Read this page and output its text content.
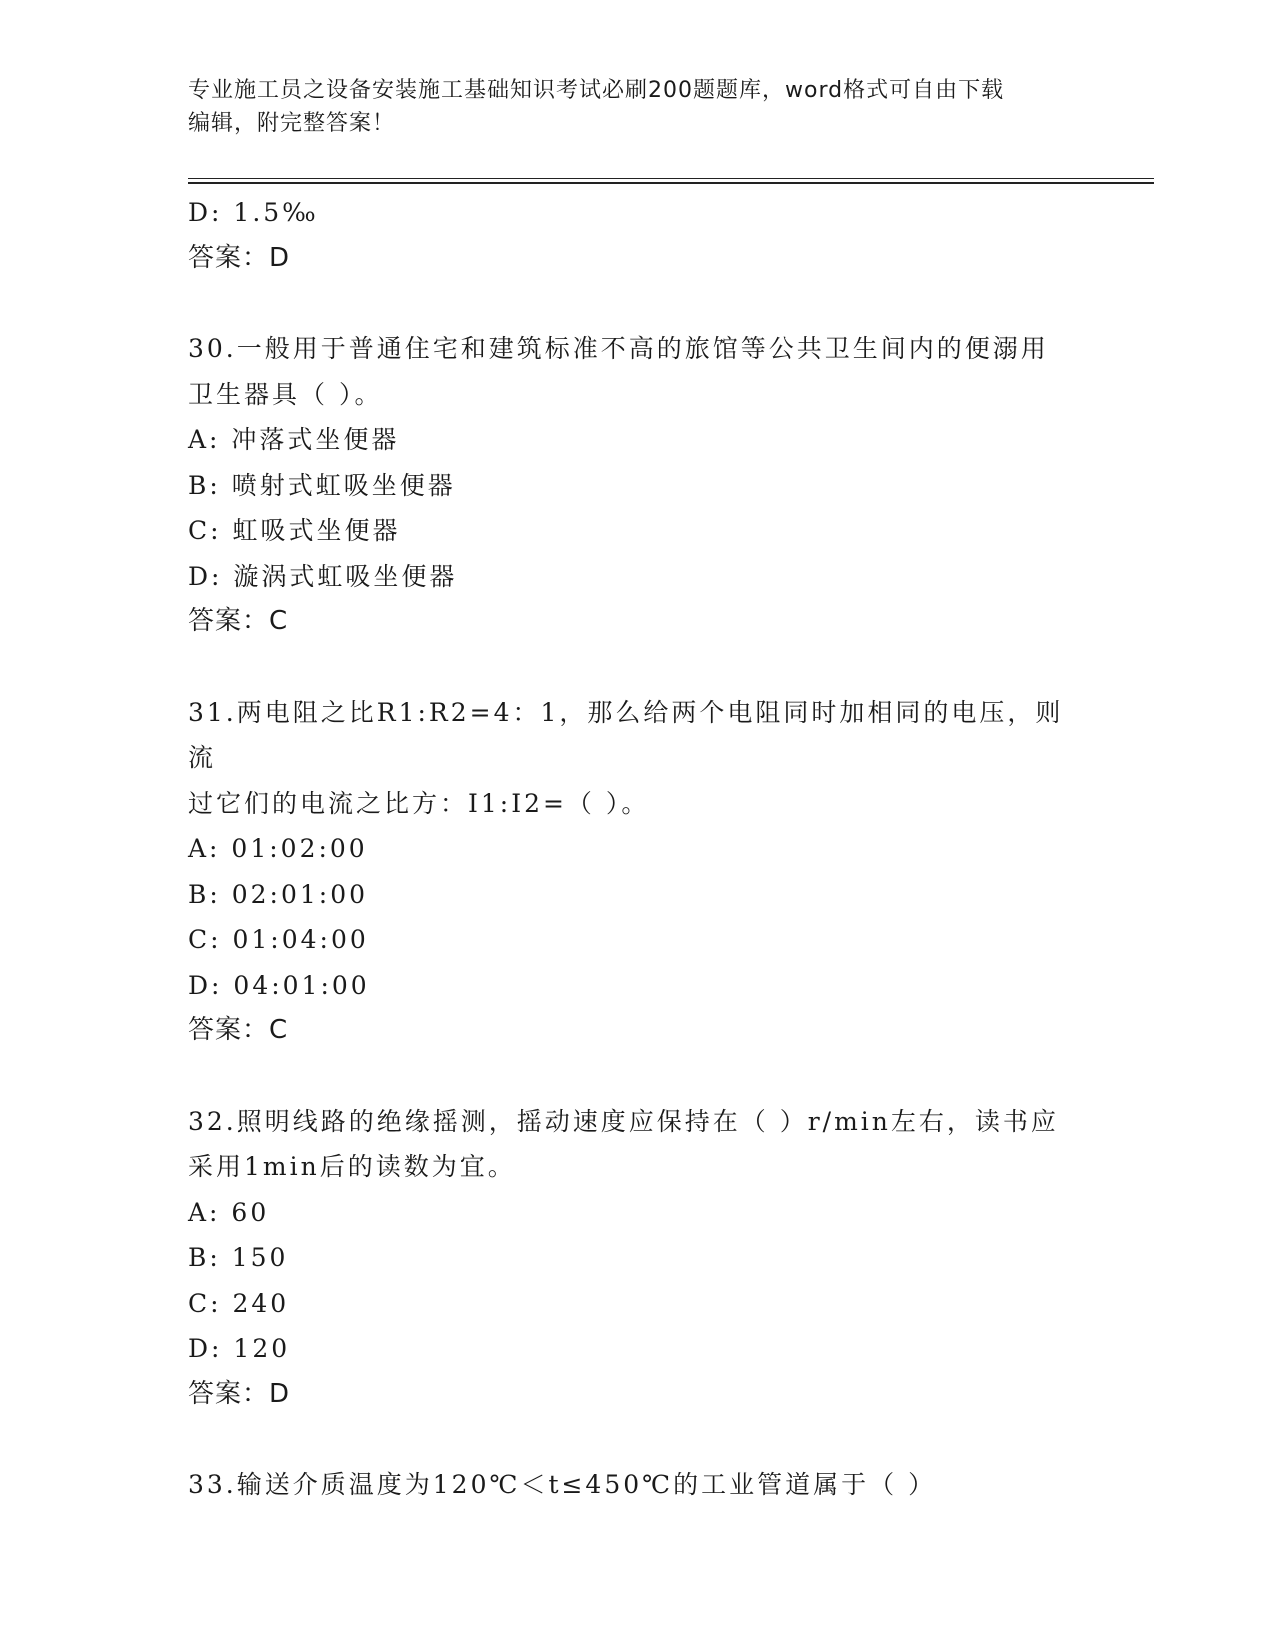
专业施工员之设备安装施工基础知识考试必刷200题题库，word格式可自由下载
编辑，附完整答案！
D: 1.5‰
答案：D
30.一般用于普通住宅和建筑标准不高的旅馆等公共卫生间内的便溺用
卫生器具（ ）。
A: 冲落式坐便器
B: 喷射式虹吸坐便器
C: 虹吸式坐便器
D: 漩涡式虹吸坐便器
答案：C
31.两电阻之比R1:R2=4：1，那么给两个电阻同时加相同的电压，则流
过它们的电流之比方：I1:I2=（ ）。
A: 01:02:00
B: 02:01:00
C: 01:04:00
D: 04:01:00
答案：C
32.照明线路的绝缘摇测，摇动速度应保持在（ ）r/min左右，读书应
采用1min后的读数为宜。
A: 60
B: 150
C: 240
D: 120
答案：D
33.输送介质温度为120℃＜t≤450℃的工业管道属于（ ）
